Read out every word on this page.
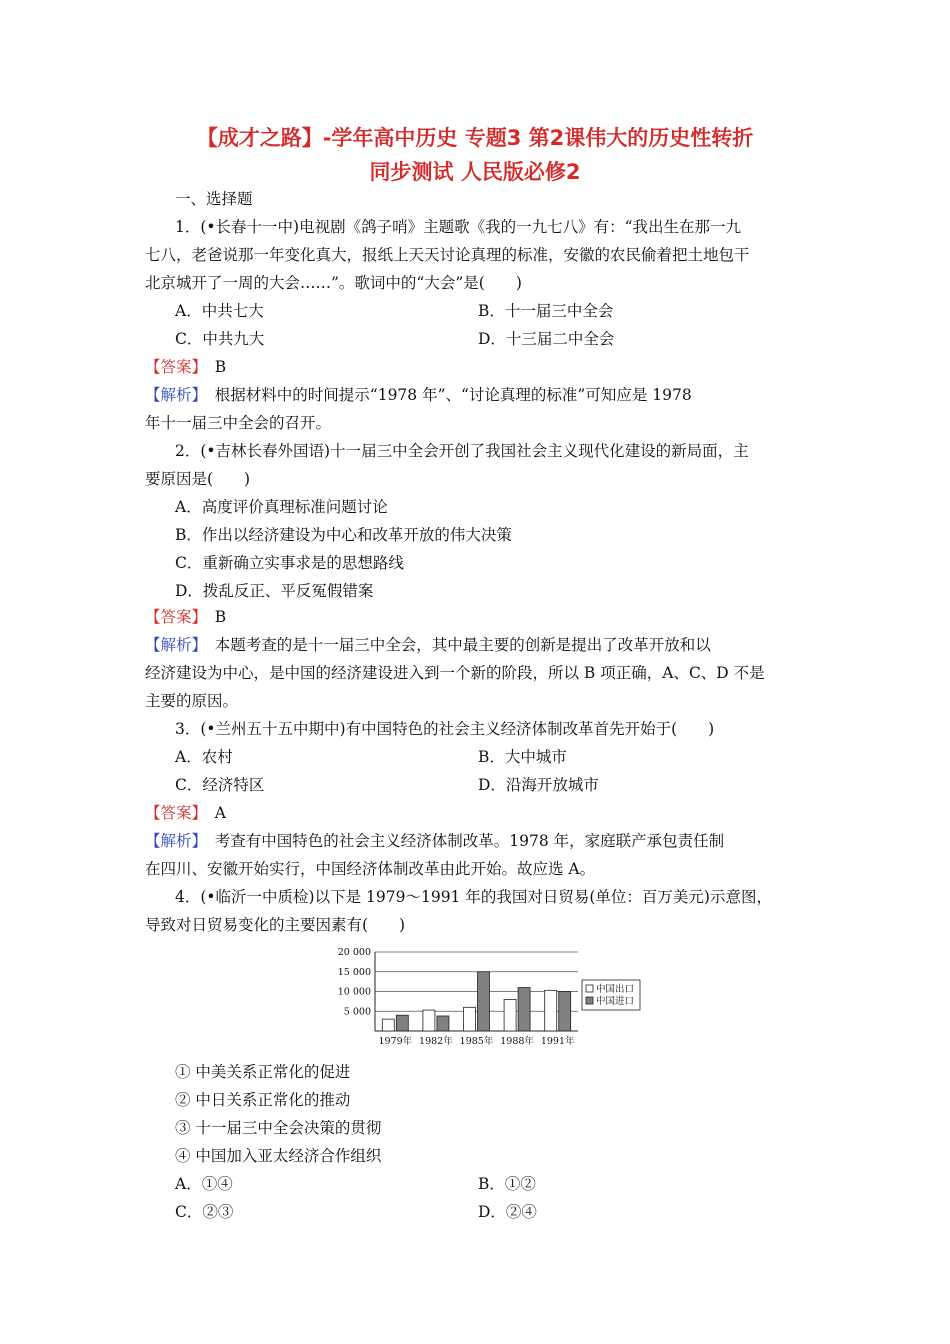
【成才之路】-学年高中历史 专题3 第2课伟大的历史性转折
同步测试 人民版必修2
一、选择题
1．(•长春十一中)电视剧《鸽子哨》主题歌《我的一九七八》有：“我出生在那一九
七八，老爸说那一年变化真大，报纸上天天讨论真理的标准，安徽的农民偷着把土地包干
北京城开了一周的大会……”。歌词中的“大会”是(　　)
A．中共七大	B．十一届三中全会
C．中共九大	D．十三届二中全会
【答案】　 B
【解析】　 根据材料中的时间提示“1978 年”、“讨论真理的标准”可知应是 1978
年十一届三中全会的召开。
2．(•吉林长春外国语)十一届三中全会开创了我国社会主义现代化建设的新局面，主
要原因是(　　)
A．高度评价真理标准问题讨论
B．作出以经济建设为中心和改革开放的伟大决策
C．重新确立实事求是的思想路线
D．拨乱反正、平反冤假错案
【答案】　 B
【解析】　 本题考查的是十一届三中全会，其中最主要的创新是提出了改革开放和以
经济建设为中心，是中国的经济建设进入到一个新的阶段，所以 B 项正确，A、C、D 不是
主要的原因。
3．(•兰州五十五中期中)有中国特色的社会主义经济体制改革首先开始于(　　)
A．农村	B．大中城市
C．经济特区	D．沿海开放城市
【答案】　 A
【解析】　 考查有中国特色的社会主义经济体制改革。1978 年，家庭联产承包责任制
在四川、安徽开始实行，中国经济体制改革由此开始。故应选 A。
4．(•临沂一中质检)以下是 1979～1991 年的我国对日贸易(单位：百万美元)示意图，
导致对日贸易变化的主要因素有(　　)
20 000
15 000
10 000
5 000
1979年 1982年 1985年 1988年 1991年
中国出口
中国进口
① 中美关系正常化的促进
② 中日关系正常化的推动
③ 十一届三中全会决策的贯彻
④ 中国加入亚太经济合作组织
A．①④	B．①②
C．②③	D．②④
